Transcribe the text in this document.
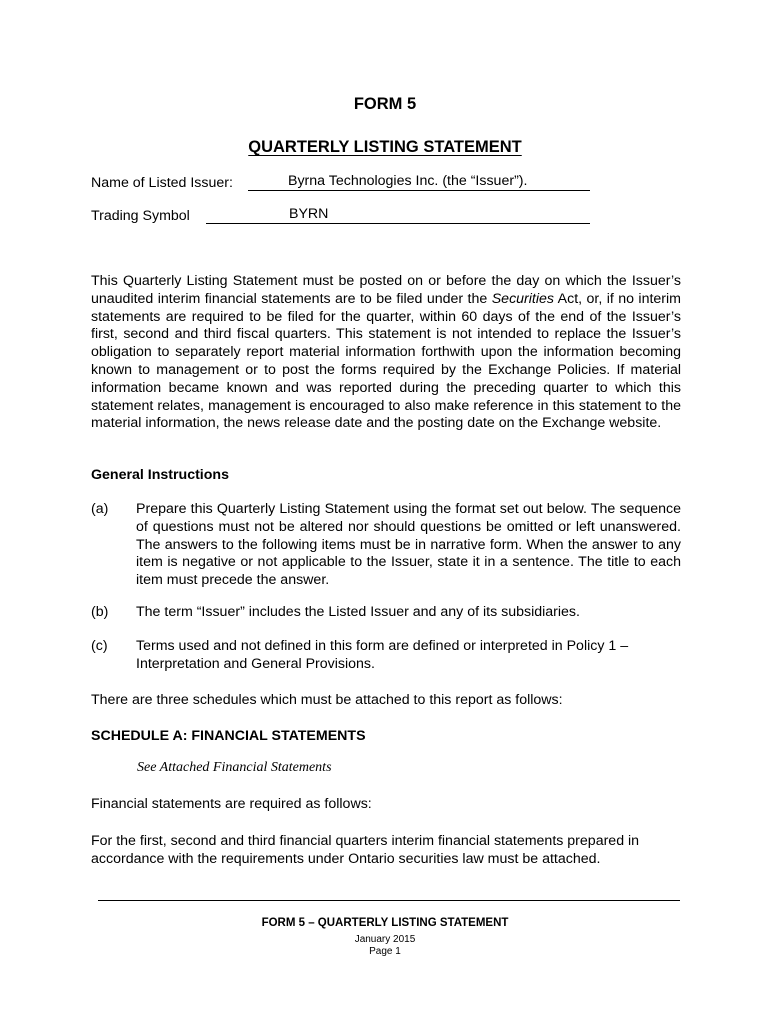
FORM 5
QUARTERLY LISTING STATEMENT
Name of Listed Issuer:	Byrna Technologies Inc. (the “Issuer”).
Trading Symbol	BYRN

This Quarterly Listing Statement must be posted on or before the day on which the Issuer’s unaudited interim financial statements are to be filed under the Securities Act, or, if no interim statements are required to be filed for the quarter, within 60 days of the end of the Issuer’s first, second and third fiscal quarters. This statement is not intended to replace the Issuer’s obligation to separately report material information forthwith upon the information becoming known to management or to post the forms required by the Exchange Policies. If material information became known and was reported during the preceding quarter to which this statement relates, management is encouraged to also make reference in this statement to the material information, the news release date and the posting date on the Exchange website.

General Instructions
(a) Prepare this Quarterly Listing Statement using the format set out below. The sequence of questions must not be altered nor should questions be omitted or left unanswered. The answers to the following items must be in narrative form. When the answer to any item is negative or not applicable to the Issuer, state it in a sentence. The title to each item must precede the answer.

(b) The term “Issuer” includes the Listed Issuer and any of its subsidiaries.

(c) Terms used and not defined in this form are defined or interpreted in Policy 1 – Interpretation and General Provisions.

There are three schedules which must be attached to this report as follows:

SCHEDULE A: FINANCIAL STATEMENTS
See Attached Financial Statements

Financial statements are required as follows:

For the first, second and third financial quarters interim financial statements prepared in accordance with the requirements under Ontario securities law must be attached.

FORM 5 – QUARTERLY LISTING STATEMENT
January 2015
Page 1
